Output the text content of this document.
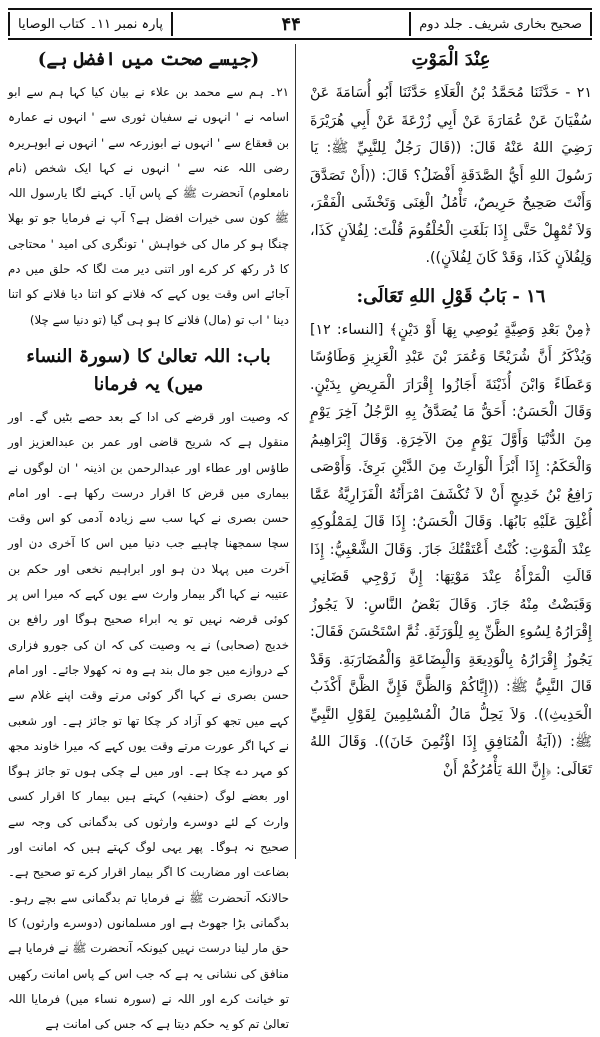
صحیح بخاری شریف۔ جلد دوم
۴۴
پارہ نمبر ۱۱۔ کتاب الوصایا
(جیسے صحت میں افضل ہے)

٢١۔ ہم سے محمد بن علاء نے بیان کیا کہا ہم سے ابو اسامہ نے ' انہوں نے سفیان ثوری سے ' انہوں نے عمارہ بن قعقاع سے ' انہوں نے ابوزرعہ سے ' انہوں نے ابوہریرہ رضی اللہ عنہ سے ' انہوں نے کہا ایک شخص (نام نامعلوم) آنحضرت ﷺ کے پاس آیا۔ کہنے لگا یارسول اللہ ﷺ کون سی خیرات افضل ہے؟ آپ نے فرمایا جو تو بھلا چنگا ہو کر مال کی خواہش ' تونگری کی امید ' محتاجی کا ڈر رکھ کر کرے اور اتنی دیر مت لگا کہ حلق میں دم آجائے اس وقت یوں کہے کہ فلانے کو اتنا دیا فلانے کو اتنا دینا ' اب تو (مال) فلانے کا ہو ہی گیا (تو دنیا سے چلا)

باب: اللہ تعالیٰ کا (سورۃ النساء میں) یہ فرمانا

کہ وصیت اور قرضے کی ادا کے بعد حصے بٹیں گے۔ اور منقول ہے کہ شریح قاضی اور عمر بن عبدالعزیز اور طاؤس اور عطاء اور عبدالرحمن بن اذینہ ' ان لوگوں نے بیماری میں قرض کا اقرار درست رکھا ہے۔ اور امام حسن بصری نے کہا سب سے زیادہ آدمی کو اس وقت سچا سمجھنا چاہیے جب دنیا میں اس کا آخری دن اور آخرت میں پہلا دن ہو اور ابراہیم نخعی اور حکم بن عتیبہ نے کہا اگر بیمار وارث سے یوں کہے کہ میرا اس پر کوئی قرضہ نہیں تو یہ ابراء صحیح ہوگا اور رافع بن خدیج (صحابی) نے یہ وصیت کی کہ ان کی جورو فزاری کے دروازے میں جو مال بند ہے وہ نہ کھولا جائے۔ اور امام حسن بصری نے کہا اگر کوئی مرتے وقت اپنے غلام سے کہے میں تجھ کو آزاد کر چکا تھا تو جائز ہے۔ اور شعبی نے کہا اگر عورت مرتے وقت یوں کہے کہ میرا خاوند مجھ کو مہر دے چکا ہے۔ اور میں لے چکی ہوں تو جائز ہوگا اور بعضے لوگ (حنفیہ) کہتے ہیں بیمار کا اقرار کسی وارث کے لئے دوسرے وارثوں کی بدگمانی کی وجہ سے صحیح نہ ہوگا۔ پھر یہی لوگ کہتے ہیں کہ امانت اور بضاعت اور مضاربت کا اگر بیمار اقرار کرے تو صحیح ہے۔ حالانکہ آنحضرت ﷺ نے فرمایا تم بدگمانی سے بچے رہو۔ بدگمانی بڑا جھوٹ ہے اور مسلمانوں (دوسرے وارثوں) کا حق مار لینا درست نہیں کیونکہ آنحضرت ﷺ نے فرمایا ہے منافق کی نشانی یہ ہے کہ جب اس کے پاس امانت رکھیں تو خیانت کرے اور اللہ نے (سورہ نساء میں) فرمایا اللہ تعالیٰ تم کو یہ حکم دیتا ہے کہ جس کی امانت ہے

عِنْدَ الْمَوْتِ

٢١ - حَدَّثَنَا مُحَمَّدُ بْنُ الْعَلَاءِ حَدَّثَنَا أَبُو أُسَامَةَ عَنْ سُفْيَانَ عَنْ عُمَارَةَ عَنْ أَبِي زُرْعَةَ عَنْ أَبِي هُرَيْرَةَ رَضِيَ اللهُ عَنْهُ قَالَ: ((قَالَ رَجُلٌ لِلنَّبِيِّ ﷺ: يَا رَسُولَ اللهِ أَيُّ الصَّدَقَةِ أَفْضَلُ؟ قَالَ: ((أَنْ تَصَدَّقَ وَأَنْتَ صَحِيحٌ حَرِيصٌ، تَأْمُلُ الْغِنَى وَتَخْشَى الْفَقْرَ، وَلاَ تُمْهِلْ حَتَّى إِذَا بَلَغَتِ الْحُلْقُومَ قُلْتَ: لِفُلاَنٍ كَذَا، وَلِفُلاَنٍ كَذَا، وَقَدْ كَانَ لِفُلاَنٍ)).

١٦ - بَابُ قَوْلِ اللهِ تَعَالَى:

﴿مِنْ بَعْدِ وَصِيَّةٍ يُوصِي بِهَا أَوْ دَيْنٍ﴾ [النساء: ١٢] وَيُذْكَرُ أَنَّ شُرَيْحًا وَعُمَرَ بْنَ عَبْدِ الْعَزِيزِ وَطَاوُسًا وَعَطَاءً وَابْنَ أُذَيْنَةَ أَجَازُوا إِقْرَارَ الْمَرِيضِ بِدَيْنٍ. وَقَالَ الْحَسَنُ: أَحَقُّ مَا يُصَدَّقُ بِهِ الرَّجُلُ آخِرَ يَوْمٍ مِنَ الدُّنْيَا وَأَوَّلَ يَوْمٍ مِنَ الآخِرَةِ. وَقَالَ إِبْرَاهِيمُ وَالْحَكَمُ: إِذَا أَبْرَأَ الْوَارِثَ مِنَ الدَّيْنِ بَرِئَ. وَأَوْصَى رَافِعُ بْنُ خَدِيجٍ أَنْ لاَ تُكْشَفَ امْرَأَتُهُ الْفَزَارِيَّةُ عَمَّا أُغْلِقَ عَلَيْهِ بَابُهَا. وَقَالَ الْحَسَنُ: إِذَا قَالَ لِمَمْلُوكِهِ عِنْدَ الْمَوْتِ: كُنْتُ أَعْتَقْتُكَ جَازَ. وَقَالَ الشَّعْبِيُّ: إِذَا قَالَتِ الْمَرْأَةُ عِنْدَ مَوْتِهَا: إِنَّ زَوْجِي قَضَانِي وَقَبَضْتُ مِنْهُ جَازَ. وَقَالَ بَعْضُ النَّاسِ: لاَ يَجُوزُ إِقْرَارُهُ لِسُوءِ الظَّنِّ بِهِ لِلْوَرَثَةِ. ثُمَّ اسْتَحْسَنَ فَقَالَ: يَجُوزُ إِقْرَارُهُ بِالْوَدِيعَةِ وَالْبِضَاعَةِ وَالْمُضَارَبَةِ. وَقَدْ قَالَ النَّبِيُّ ﷺ: ((إِيَّاكُمْ وَالظَّنَّ فَإِنَّ الظَّنَّ أَكْذَبُ الْحَدِيثِ)). وَلاَ يَحِلُّ مَالُ الْمُسْلِمِينَ لِقَوْلِ النَّبِيِّ ﷺ: ((آيَةُ الْمُنَافِقِ إِذَا اؤْتُمِنَ خَانَ)). وَقَالَ اللهُ تَعَالَى: ﴿إِنَّ اللهَ يَأْمُرُكُمْ أَنْ
